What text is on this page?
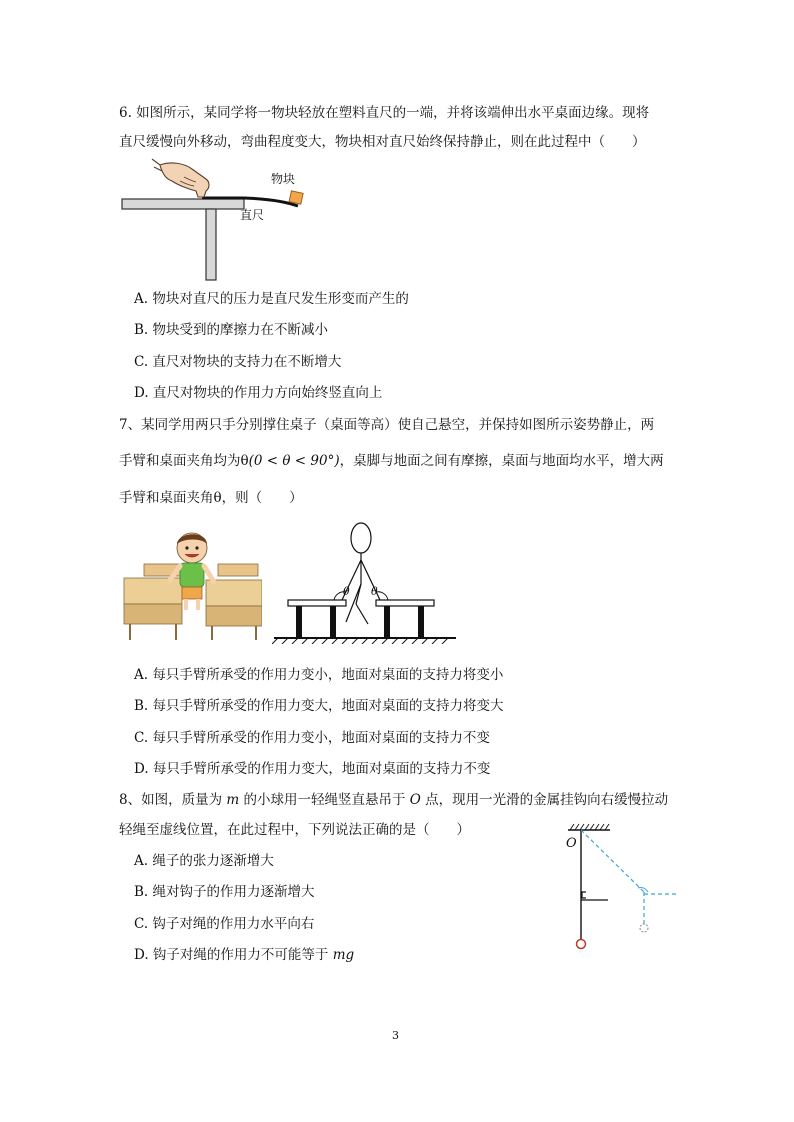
6. 如图所示，某同学将一物块轻放在塑料直尺的一端，并将该端伸出水平桌面边缘。现将
直尺缓慢向外移动，弯曲程度变大，物块相对直尺始终保持静止，则在此过程中（　　）
物块
直尺
A. 物块对直尺的压力是直尺发生形变而产生的
B. 物块受到的摩擦力在不断减小
C. 直尺对物块的支持力在不断增大
D. 直尺对物块的作用力方向始终竖直向上
7、某同学用两只手分别撑住桌子（桌面等高）使自己悬空，并保持如图所示姿势静止，两
手臂和桌面夹角均为θ(0 < θ < 90°)，桌脚与地面之间有摩擦，桌面与地面均水平，增大两
手臂和桌面夹角θ，则（　　）
θ θ
A. 每只手臂所承受的作用力变小，地面对桌面的支持力将变小
B. 每只手臂所承受的作用力变大，地面对桌面的支持力将变大
C. 每只手臂所承受的作用力变小，地面对桌面的支持力不变
D. 每只手臂所承受的作用力变大，地面对桌面的支持力不变
8、如图，质量为 m 的小球用一轻绳竖直悬吊于 O 点，现用一光滑的金属挂钩向右缓慢拉动
轻绳至虚线位置，在此过程中，下列说法正确的是（　　）
A. 绳子的张力逐渐增大
B. 绳对钩子的作用力逐渐增大
C. 钩子对绳的作用力水平向右
D. 钩子对绳的作用力不可能等于 mg
O
3
